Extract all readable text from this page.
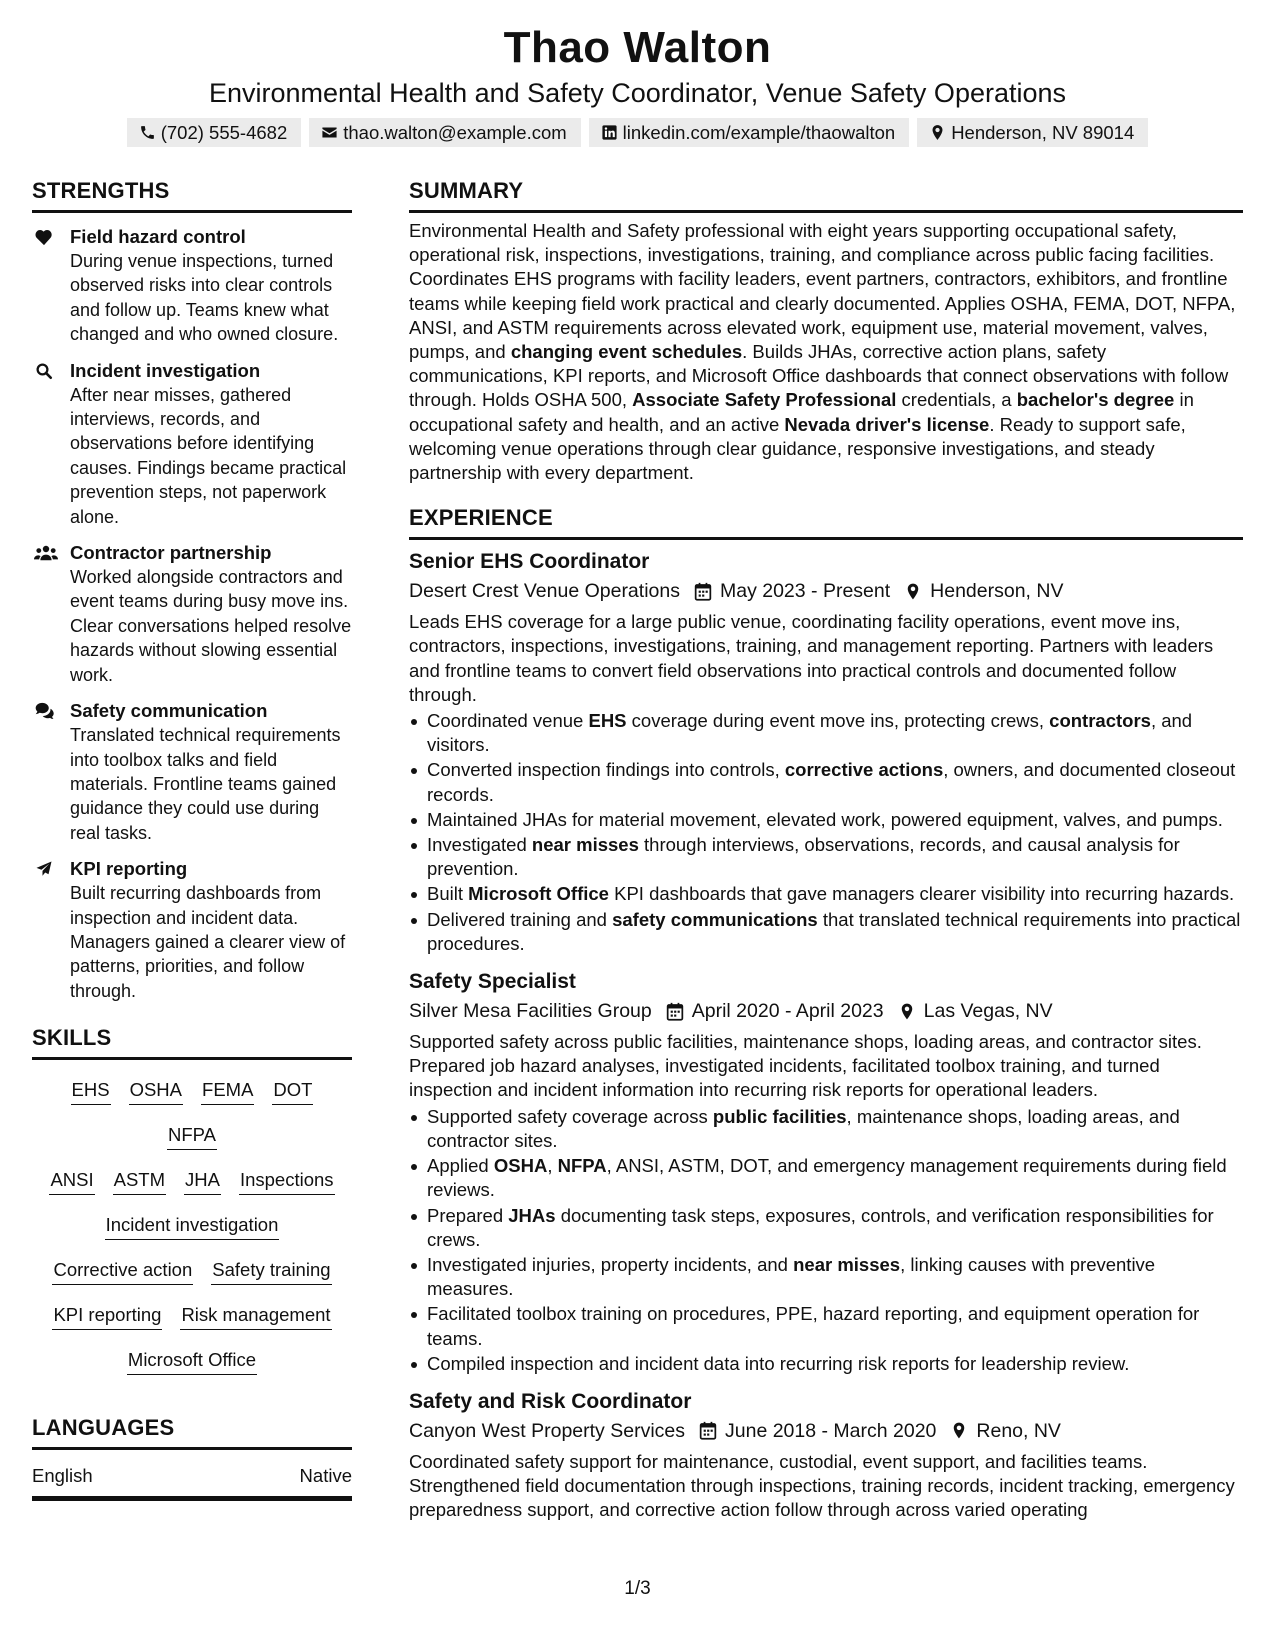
Thao Walton
Environmental Health and Safety Coordinator, Venue Safety Operations
(702) 555-4682	thao.walton@example.com	linkedin.com/example/thaowalton	Henderson, NV 89014
STRENGTHS
Field hazard control
During venue inspections, turned observed risks into clear controls and follow up. Teams knew what changed and who owned closure.
Incident investigation
After near misses, gathered interviews, records, and observations before identifying causes. Findings became practical prevention steps, not paperwork alone.
Contractor partnership
Worked alongside contractors and event teams during busy move ins. Clear conversations helped resolve hazards without slowing essential work.
Safety communication
Translated technical requirements into toolbox talks and field materials. Frontline teams gained guidance they could use during real tasks.
KPI reporting
Built recurring dashboards from inspection and incident data. Managers gained a clearer view of patterns, priorities, and follow through.
SKILLS
EHS OSHA FEMA DOT
NFPA
ANSI ASTM JHA Inspections
Incident investigation
Corrective action Safety training
KPI reporting Risk management
Microsoft Office
LANGUAGES
English	Native
SUMMARY
Environmental Health and Safety professional with eight years supporting occupational safety, operational risk, inspections, investigations, training, and compliance across public facing facilities. Coordinates EHS programs with facility leaders, event partners, contractors, exhibitors, and frontline teams while keeping field work practical and clearly documented. Applies OSHA, FEMA, DOT, NFPA, ANSI, and ASTM requirements across elevated work, equipment use, material movement, valves, pumps, and changing event schedules. Builds JHAs, corrective action plans, safety communications, KPI reports, and Microsoft Office dashboards that connect observations with follow through. Holds OSHA 500, Associate Safety Professional credentials, a bachelor's degree in occupational safety and health, and an active Nevada driver's license. Ready to support safe, welcoming venue operations through clear guidance, responsive investigations, and steady partnership with every department.
EXPERIENCE
Senior EHS Coordinator
Desert Crest Venue Operations May 2023 - Present Henderson, NV
Leads EHS coverage for a large public venue, coordinating facility operations, event move ins, contractors, inspections, investigations, training, and management reporting. Partners with leaders and frontline teams to convert field observations into practical controls and documented follow through.
Coordinated venue EHS coverage during event move ins, protecting crews, contractors, and visitors.
Converted inspection findings into controls, corrective actions, owners, and documented closeout records.
Maintained JHAs for material movement, elevated work, powered equipment, valves, and pumps.
Investigated near misses through interviews, observations, records, and causal analysis for prevention.
Built Microsoft Office KPI dashboards that gave managers clearer visibility into recurring hazards.
Delivered training and safety communications that translated technical requirements into practical procedures.
Safety Specialist
Silver Mesa Facilities Group April 2020 - April 2023 Las Vegas, NV
Supported safety across public facilities, maintenance shops, loading areas, and contractor sites. Prepared job hazard analyses, investigated incidents, facilitated toolbox training, and turned inspection and incident information into recurring risk reports for operational leaders.
Supported safety coverage across public facilities, maintenance shops, loading areas, and contractor sites.
Applied OSHA, NFPA, ANSI, ASTM, DOT, and emergency management requirements during field reviews.
Prepared JHAs documenting task steps, exposures, controls, and verification responsibilities for crews.
Investigated injuries, property incidents, and near misses, linking causes with preventive measures.
Facilitated toolbox training on procedures, PPE, hazard reporting, and equipment operation for teams.
Compiled inspection and incident data into recurring risk reports for leadership review.
Safety and Risk Coordinator
Canyon West Property Services June 2018 - March 2020 Reno, NV
Coordinated safety support for maintenance, custodial, event support, and facilities teams. Strengthened field documentation through inspections, training records, incident tracking, emergency preparedness support, and corrective action follow through across varied operating
1/3
